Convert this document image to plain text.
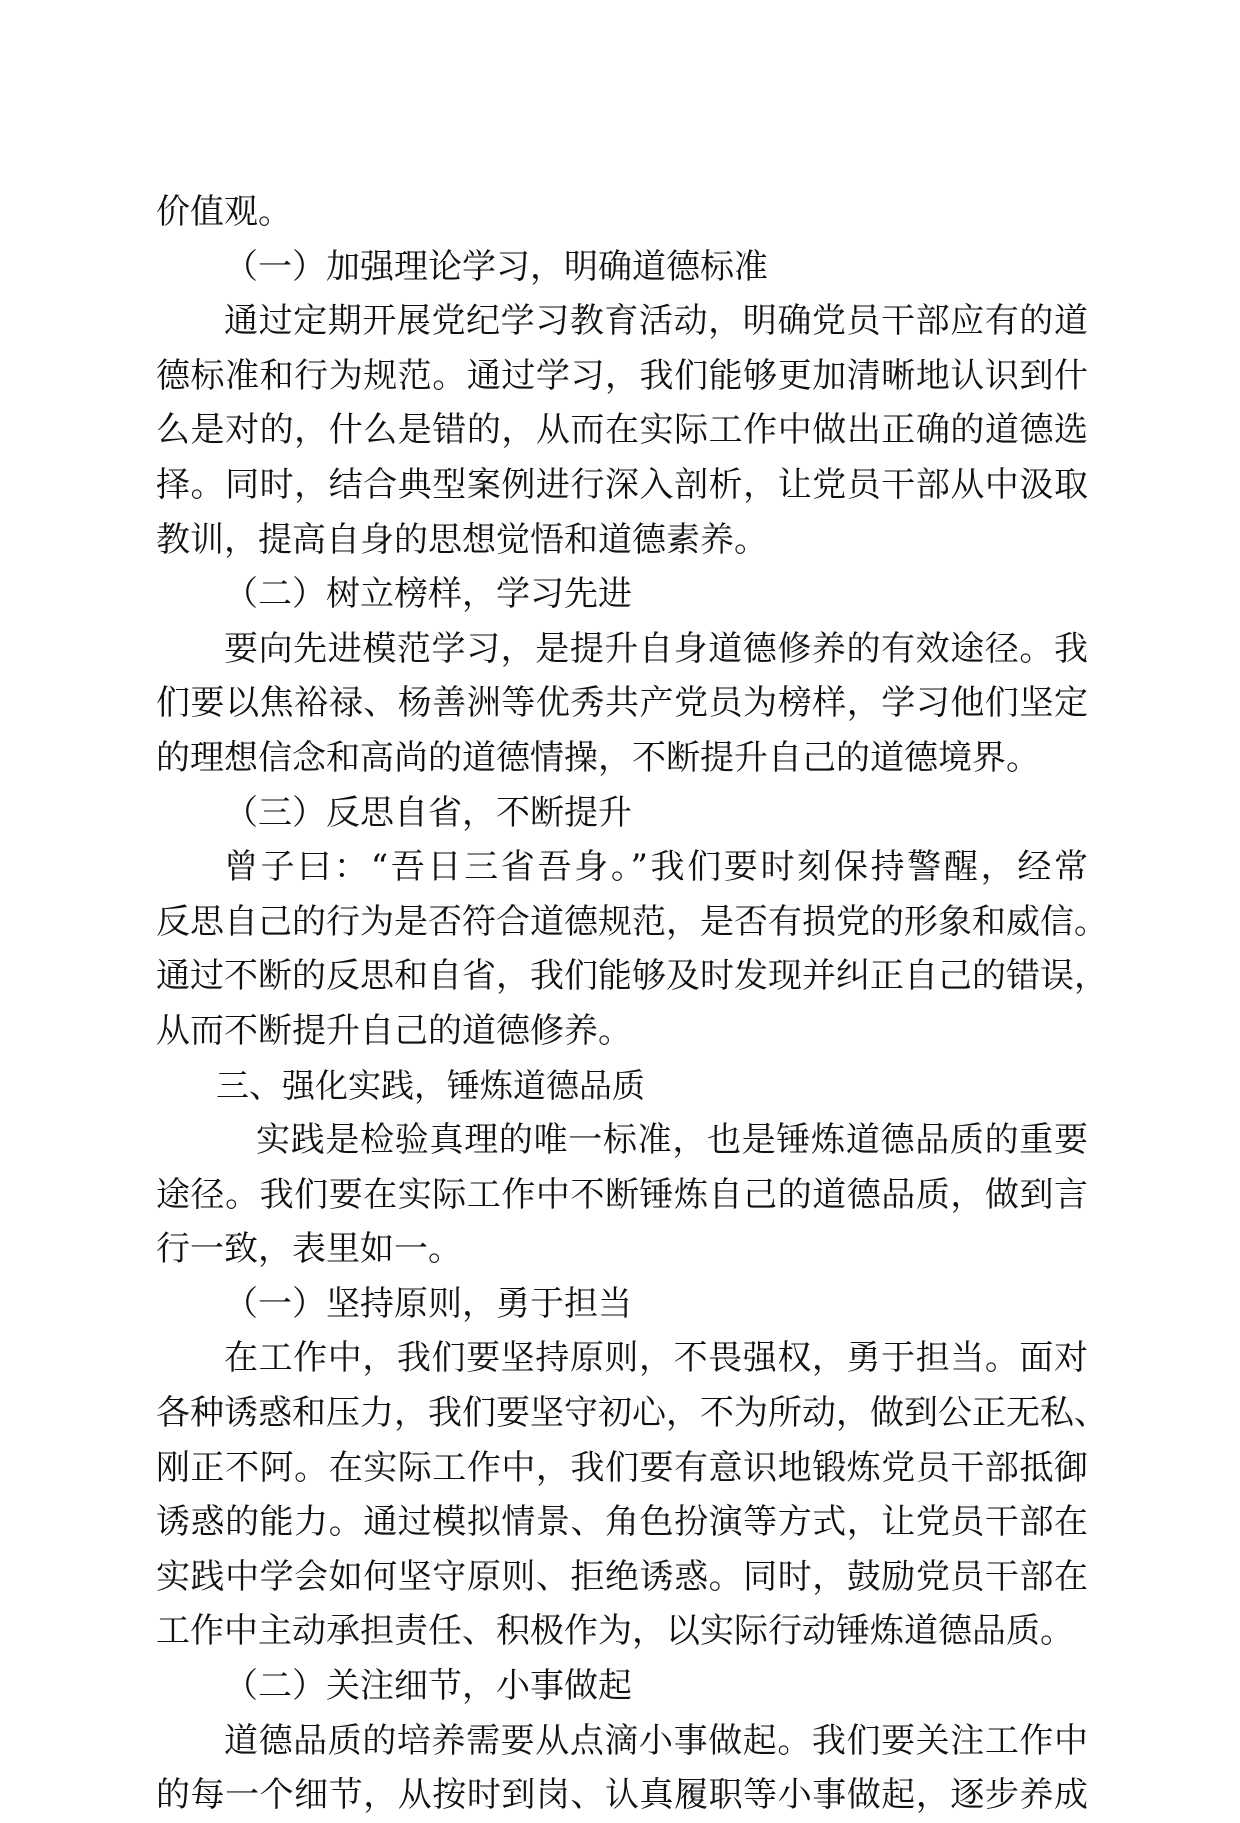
价值观。
（一）加强理论学习，明确道德标准
通过定期开展党纪学习教育活动，明确党员干部应有的道
德标准和行为规范。通过学习，我们能够更加清晰地认识到什
么是对的，什么是错的，从而在实际工作中做出正确的道德选
择。同时，结合典型案例进行深入剖析，让党员干部从中汲取
教训，提高自身的思想觉悟和道德素养。
（二）树立榜样，学习先进
要向先进模范学习，是提升自身道德修养的有效途径。我
们要以焦裕禄、杨善洲等优秀共产党员为榜样，学习他们坚定
的理想信念和高尚的道德情操，不断提升自己的道德境界。
（三）反思自省，不断提升
曾子曰：“吾日三省吾身。”我们要时刻保持警醒，经常
反思自己的行为是否符合道德规范，是否有损党的形象和威信。
通过不断的反思和自省，我们能够及时发现并纠正自己的错误，
从而不断提升自己的道德修养。
三、强化实践，锤炼道德品质
实践是检验真理的唯一标准，也是锤炼道德品质的重要
途径。我们要在实际工作中不断锤炼自己的道德品质，做到言
行一致，表里如一。
（一）坚持原则，勇于担当
在工作中，我们要坚持原则，不畏强权，勇于担当。面对
各种诱惑和压力，我们要坚守初心，不为所动，做到公正无私、
刚正不阿。在实际工作中，我们要有意识地锻炼党员干部抵御
诱惑的能力。通过模拟情景、角色扮演等方式，让党员干部在
实践中学会如何坚守原则、拒绝诱惑。同时，鼓励党员干部在
工作中主动承担责任、积极作为，以实际行动锤炼道德品质。
（二）关注细节，小事做起
道德品质的培养需要从点滴小事做起。我们要关注工作中
的每一个细节，从按时到岗、认真履职等小事做起，逐步养成
